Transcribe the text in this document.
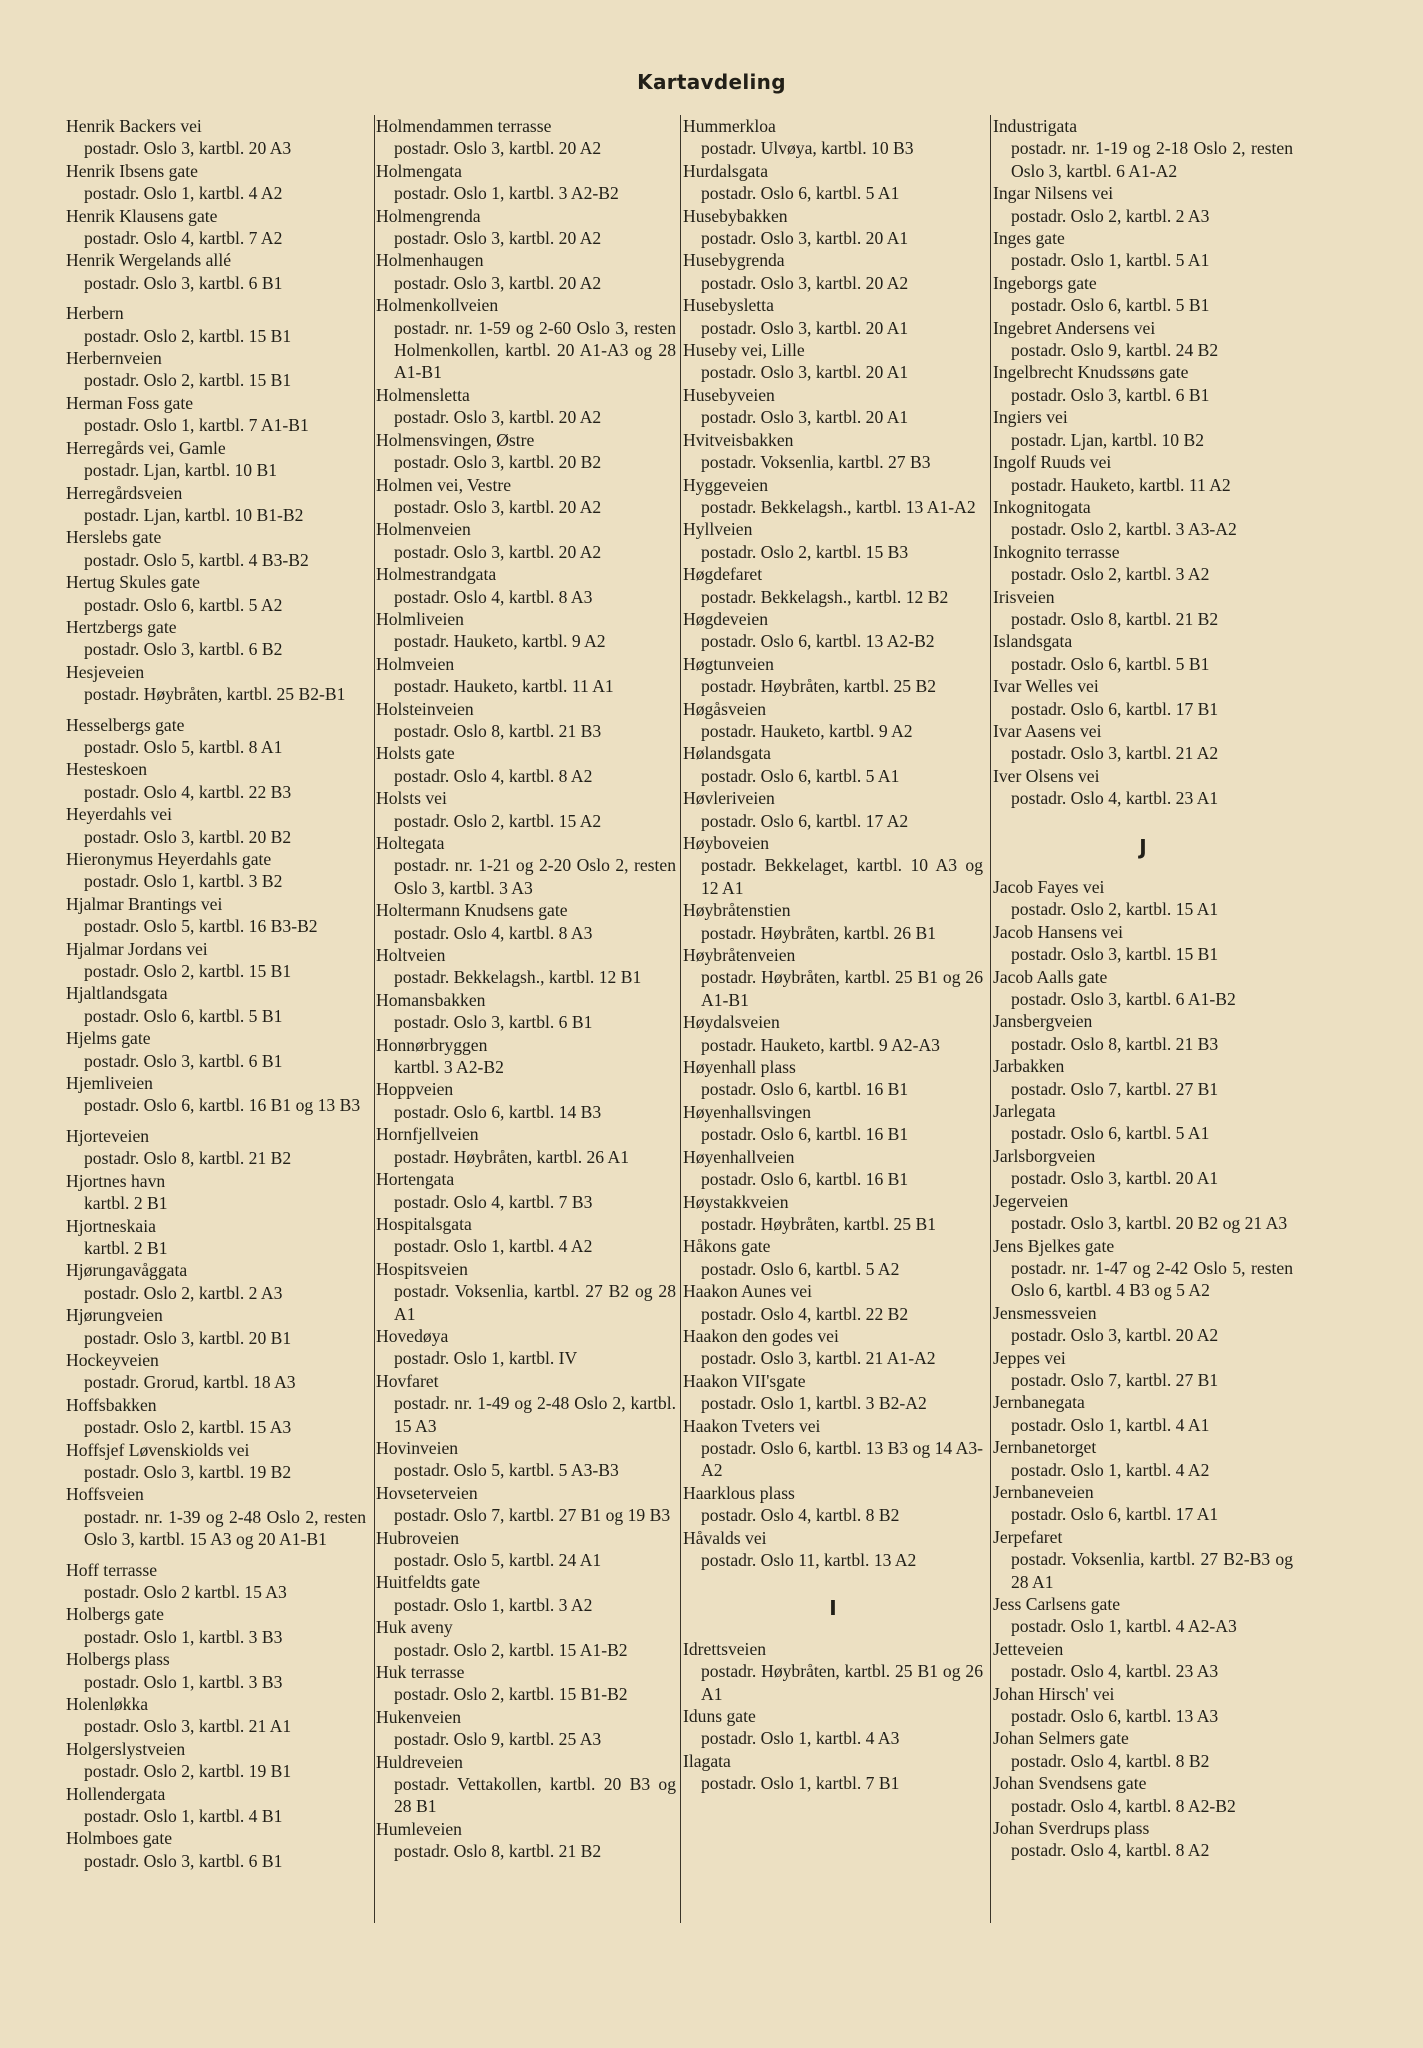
Kartavdeling
Henrik Backers vei
postadr. Oslo 3, kartbl. 20 A3
Henrik Ibsens gate
postadr. Oslo 1, kartbl. 4 A2
Henrik Klausens gate
postadr. Oslo 4, kartbl. 7 A2
Henrik Wergelands allé
postadr. Oslo 3, kartbl. 6 B1
Herbern
postadr. Oslo 2, kartbl. 15 B1
Herbernveien
postadr. Oslo 2, kartbl. 15 B1
Herman Foss gate
postadr. Oslo 1, kartbl. 7 A1-B1
Herregårds vei, Gamle
postadr. Ljan, kartbl. 10 B1
Herregårdsveien
postadr. Ljan, kartbl. 10 B1-B2
Herslebs gate
postadr. Oslo 5, kartbl. 4 B3-B2
Hertug Skules gate
postadr. Oslo 6, kartbl. 5 A2
Hertzbergs gate
postadr. Oslo 3, kartbl. 6 B2
Hesjeveien
postadr. Høybråten, kartbl. 25 B2-B1
Hesselbergs gate
postadr. Oslo 5, kartbl. 8 A1
Hesteskoen
postadr. Oslo 4, kartbl. 22 B3
Heyerdahls vei
postadr. Oslo 3, kartbl. 20 B2
Hieronymus Heyerdahls gate
postadr. Oslo 1, kartbl. 3 B2
Hjalmar Brantings vei
postadr. Oslo 5, kartbl. 16 B3-B2
Hjalmar Jordans vei
postadr. Oslo 2, kartbl. 15 B1
Hjaltlandsgata
postadr. Oslo 6, kartbl. 5 B1
Hjelms gate
postadr. Oslo 3, kartbl. 6 B1
Hjemliveien
postadr. Oslo 6, kartbl. 16 B1 og 13 B3
Hjorteveien
postadr. Oslo 8, kartbl. 21 B2
Hjortnes havn
kartbl. 2 B1
Hjortneskaia
kartbl. 2 B1
Hjørungavåggata
postadr. Oslo 2, kartbl. 2 A3
Hjørungveien
postadr. Oslo 3, kartbl. 20 B1
Hockeyveien
postadr. Grorud, kartbl. 18 A3
Hoffsbakken
postadr. Oslo 2, kartbl. 15 A3
Hoffsjef Løvenskiolds vei
postadr. Oslo 3, kartbl. 19 B2
Hoffsveien
postadr. nr. 1-39 og 2-48 Oslo 2, resten Oslo 3, kartbl. 15 A3 og 20 A1-B1
Hoff terrasse
postadr. Oslo 2 kartbl. 15 A3
Holbergs gate
postadr. Oslo 1, kartbl. 3 B3
Holbergs plass
postadr. Oslo 1, kartbl. 3 B3
Holenløkka
postadr. Oslo 3, kartbl. 21 A1
Holgerslystveien
postadr. Oslo 2, kartbl. 19 B1
Hollendergata
postadr. Oslo 1, kartbl. 4 B1
Holmboes gate
postadr. Oslo 3, kartbl. 6 B1
Holmendammen terrasse
postadr. Oslo 3, kartbl. 20 A2
Holmengata
postadr. Oslo 1, kartbl. 3 A2-B2
Holmengrenda
postadr. Oslo 3, kartbl. 20 A2
Holmenhaugen
postadr. Oslo 3, kartbl. 20 A2
Holmenkollveien
postadr. nr. 1-59 og 2-60 Oslo 3, resten Holmenkollen, kartbl. 20 A1-A3 og 28 A1-B1
Holmensletta
postadr. Oslo 3, kartbl. 20 A2
Holmensvingen, Østre
postadr. Oslo 3, kartbl. 20 B2
Holmen vei, Vestre
postadr. Oslo 3, kartbl. 20 A2
Holmenveien
postadr. Oslo 3, kartbl. 20 A2
Holmestrandgata
postadr. Oslo 4, kartbl. 8 A3
Holmliveien
postadr. Hauketo, kartbl. 9 A2
Holmveien
postadr. Hauketo, kartbl. 11 A1
Holsteinveien
postadr. Oslo 8, kartbl. 21 B3
Holsts gate
postadr. Oslo 4, kartbl. 8 A2
Holsts vei
postadr. Oslo 2, kartbl. 15 A2
Holtegata
postadr. nr. 1-21 og 2-20 Oslo 2, resten Oslo 3, kartbl. 3 A3
Holtermann Knudsens gate
postadr. Oslo 4, kartbl. 8 A3
Holtveien
postadr. Bekkelagsh., kartbl. 12 B1
Homansbakken
postadr. Oslo 3, kartbl. 6 B1
Honnørbryggen
kartbl. 3 A2-B2
Hoppveien
postadr. Oslo 6, kartbl. 14 B3
Hornfjellveien
postadr. Høybråten, kartbl. 26 A1
Hortengata
postadr. Oslo 4, kartbl. 7 B3
Hospitalsgata
postadr. Oslo 1, kartbl. 4 A2
Hospitsveien
postadr. Voksenlia, kartbl. 27 B2 og 28 A1
Hovedøya
postadr. Oslo 1, kartbl. IV
Hovfaret
postadr. nr. 1-49 og 2-48 Oslo 2, kartbl. 15 A3
Hovinveien
postadr. Oslo 5, kartbl. 5 A3-B3
Hovseterveien
postadr. Oslo 7, kartbl. 27 B1 og 19 B3
Hubroveien
postadr. Oslo 5, kartbl. 24 A1
Huitfeldts gate
postadr. Oslo 1, kartbl. 3 A2
Huk aveny
postadr. Oslo 2, kartbl. 15 A1-B2
Huk terrasse
postadr. Oslo 2, kartbl. 15 B1-B2
Hukenveien
postadr. Oslo 9, kartbl. 25 A3
Huldreveien
postadr. Vettakollen, kartbl. 20 B3 og 28 B1
Humleveien
postadr. Oslo 8, kartbl. 21 B2
Hummerkloa
postadr. Ulvøya, kartbl. 10 B3
Hurdalsgata
postadr. Oslo 6, kartbl. 5 A1
Husebybakken
postadr. Oslo 3, kartbl. 20 A1
Husebygrenda
postadr. Oslo 3, kartbl. 20 A2
Husebysletta
postadr. Oslo 3, kartbl. 20 A1
Huseby vei, Lille
postadr. Oslo 3, kartbl. 20 A1
Husebyveien
postadr. Oslo 3, kartbl. 20 A1
Hvitveisbakken
postadr. Voksenlia, kartbl. 27 B3
Hyggeveien
postadr. Bekkelagsh., kartbl. 13 A1-A2
Hyllveien
postadr. Oslo 2, kartbl. 15 B3
Høgdefaret
postadr. Bekkelagsh., kartbl. 12 B2
Høgdeveien
postadr. Oslo 6, kartbl. 13 A2-B2
Høgtunveien
postadr. Høybråten, kartbl. 25 B2
Høgåsveien
postadr. Hauketo, kartbl. 9 A2
Hølandsgata
postadr. Oslo 6, kartbl. 5 A1
Høvleriveien
postadr. Oslo 6, kartbl. 17 A2
Høyboveien
postadr. Bekkelaget, kartbl. 10 A3 og 12 A1
Høybråtenstien
postadr. Høybråten, kartbl. 26 B1
Høybråtenveien
postadr. Høybråten, kartbl. 25 B1 og 26 A1-B1
Høydalsveien
postadr. Hauketo, kartbl. 9 A2-A3
Høyenhall plass
postadr. Oslo 6, kartbl. 16 B1
Høyenhallsvingen
postadr. Oslo 6, kartbl. 16 B1
Høyenhallveien
postadr. Oslo 6, kartbl. 16 B1
Høystakkveien
postadr. Høybråten, kartbl. 25 B1
Håkons gate
postadr. Oslo 6, kartbl. 5 A2
Haakon Aunes vei
postadr. Oslo 4, kartbl. 22 B2
Haakon den godes vei
postadr. Oslo 3, kartbl. 21 A1-A2
Haakon VII'sgate
postadr. Oslo 1, kartbl. 3 B2-A2
Haakon Tveters vei
postadr. Oslo 6, kartbl. 13 B3 og 14 A3-A2
Haarklous plass
postadr. Oslo 4, kartbl. 8 B2
Håvalds vei
postadr. Oslo 11, kartbl. 13 A2
I
Idrettsveien
postadr. Høybråten, kartbl. 25 B1 og 26 A1
Iduns gate
postadr. Oslo 1, kartbl. 4 A3
Ilagata
postadr. Oslo 1, kartbl. 7 B1
Industrigata
postadr. nr. 1-19 og 2-18 Oslo 2, resten Oslo 3, kartbl. 6 A1-A2
Ingar Nilsens vei
postadr. Oslo 2, kartbl. 2 A3
Inges gate
postadr. Oslo 1, kartbl. 5 A1
Ingeborgs gate
postadr. Oslo 6, kartbl. 5 B1
Ingebret Andersens vei
postadr. Oslo 9, kartbl. 24 B2
Ingelbrecht Knudssøns gate
postadr. Oslo 3, kartbl. 6 B1
Ingiers vei
postadr. Ljan, kartbl. 10 B2
Ingolf Ruuds vei
postadr. Hauketo, kartbl. 11 A2
Inkognitogata
postadr. Oslo 2, kartbl. 3 A3-A2
Inkognito terrasse
postadr. Oslo 2, kartbl. 3 A2
Irisveien
postadr. Oslo 8, kartbl. 21 B2
Islandsgata
postadr. Oslo 6, kartbl. 5 B1
Ivar Welles vei
postadr. Oslo 6, kartbl. 17 B1
Ivar Aasens vei
postadr. Oslo 3, kartbl. 21 A2
Iver Olsens vei
postadr. Oslo 4, kartbl. 23 A1
J
Jacob Fayes vei
postadr. Oslo 2, kartbl. 15 A1
Jacob Hansens vei
postadr. Oslo 3, kartbl. 15 B1
Jacob Aalls gate
postadr. Oslo 3, kartbl. 6 A1-B2
Jansbergveien
postadr. Oslo 8, kartbl. 21 B3
Jarbakken
postadr. Oslo 7, kartbl. 27 B1
Jarlegata
postadr. Oslo 6, kartbl. 5 A1
Jarlsborgveien
postadr. Oslo 3, kartbl. 20 A1
Jegerveien
postadr. Oslo 3, kartbl. 20 B2 og 21 A3
Jens Bjelkes gate
postadr. nr. 1-47 og 2-42 Oslo 5, resten Oslo 6, kartbl. 4 B3 og 5 A2
Jensmessveien
postadr. Oslo 3, kartbl. 20 A2
Jeppes vei
postadr. Oslo 7, kartbl. 27 B1
Jernbanegata
postadr. Oslo 1, kartbl. 4 A1
Jernbanetorget
postadr. Oslo 1, kartbl. 4 A2
Jernbaneveien
postadr. Oslo 6, kartbl. 17 A1
Jerpefaret
postadr. Voksenlia, kartbl. 27 B2-B3 og 28 A1
Jess Carlsens gate
postadr. Oslo 1, kartbl. 4 A2-A3
Jetteveien
postadr. Oslo 4, kartbl. 23 A3
Johan Hirsch' vei
postadr. Oslo 6, kartbl. 13 A3
Johan Selmers gate
postadr. Oslo 4, kartbl. 8 B2
Johan Svendsens gate
postadr. Oslo 4, kartbl. 8 A2-B2
Johan Sverdrups plass
postadr. Oslo 4, kartbl. 8 A2
